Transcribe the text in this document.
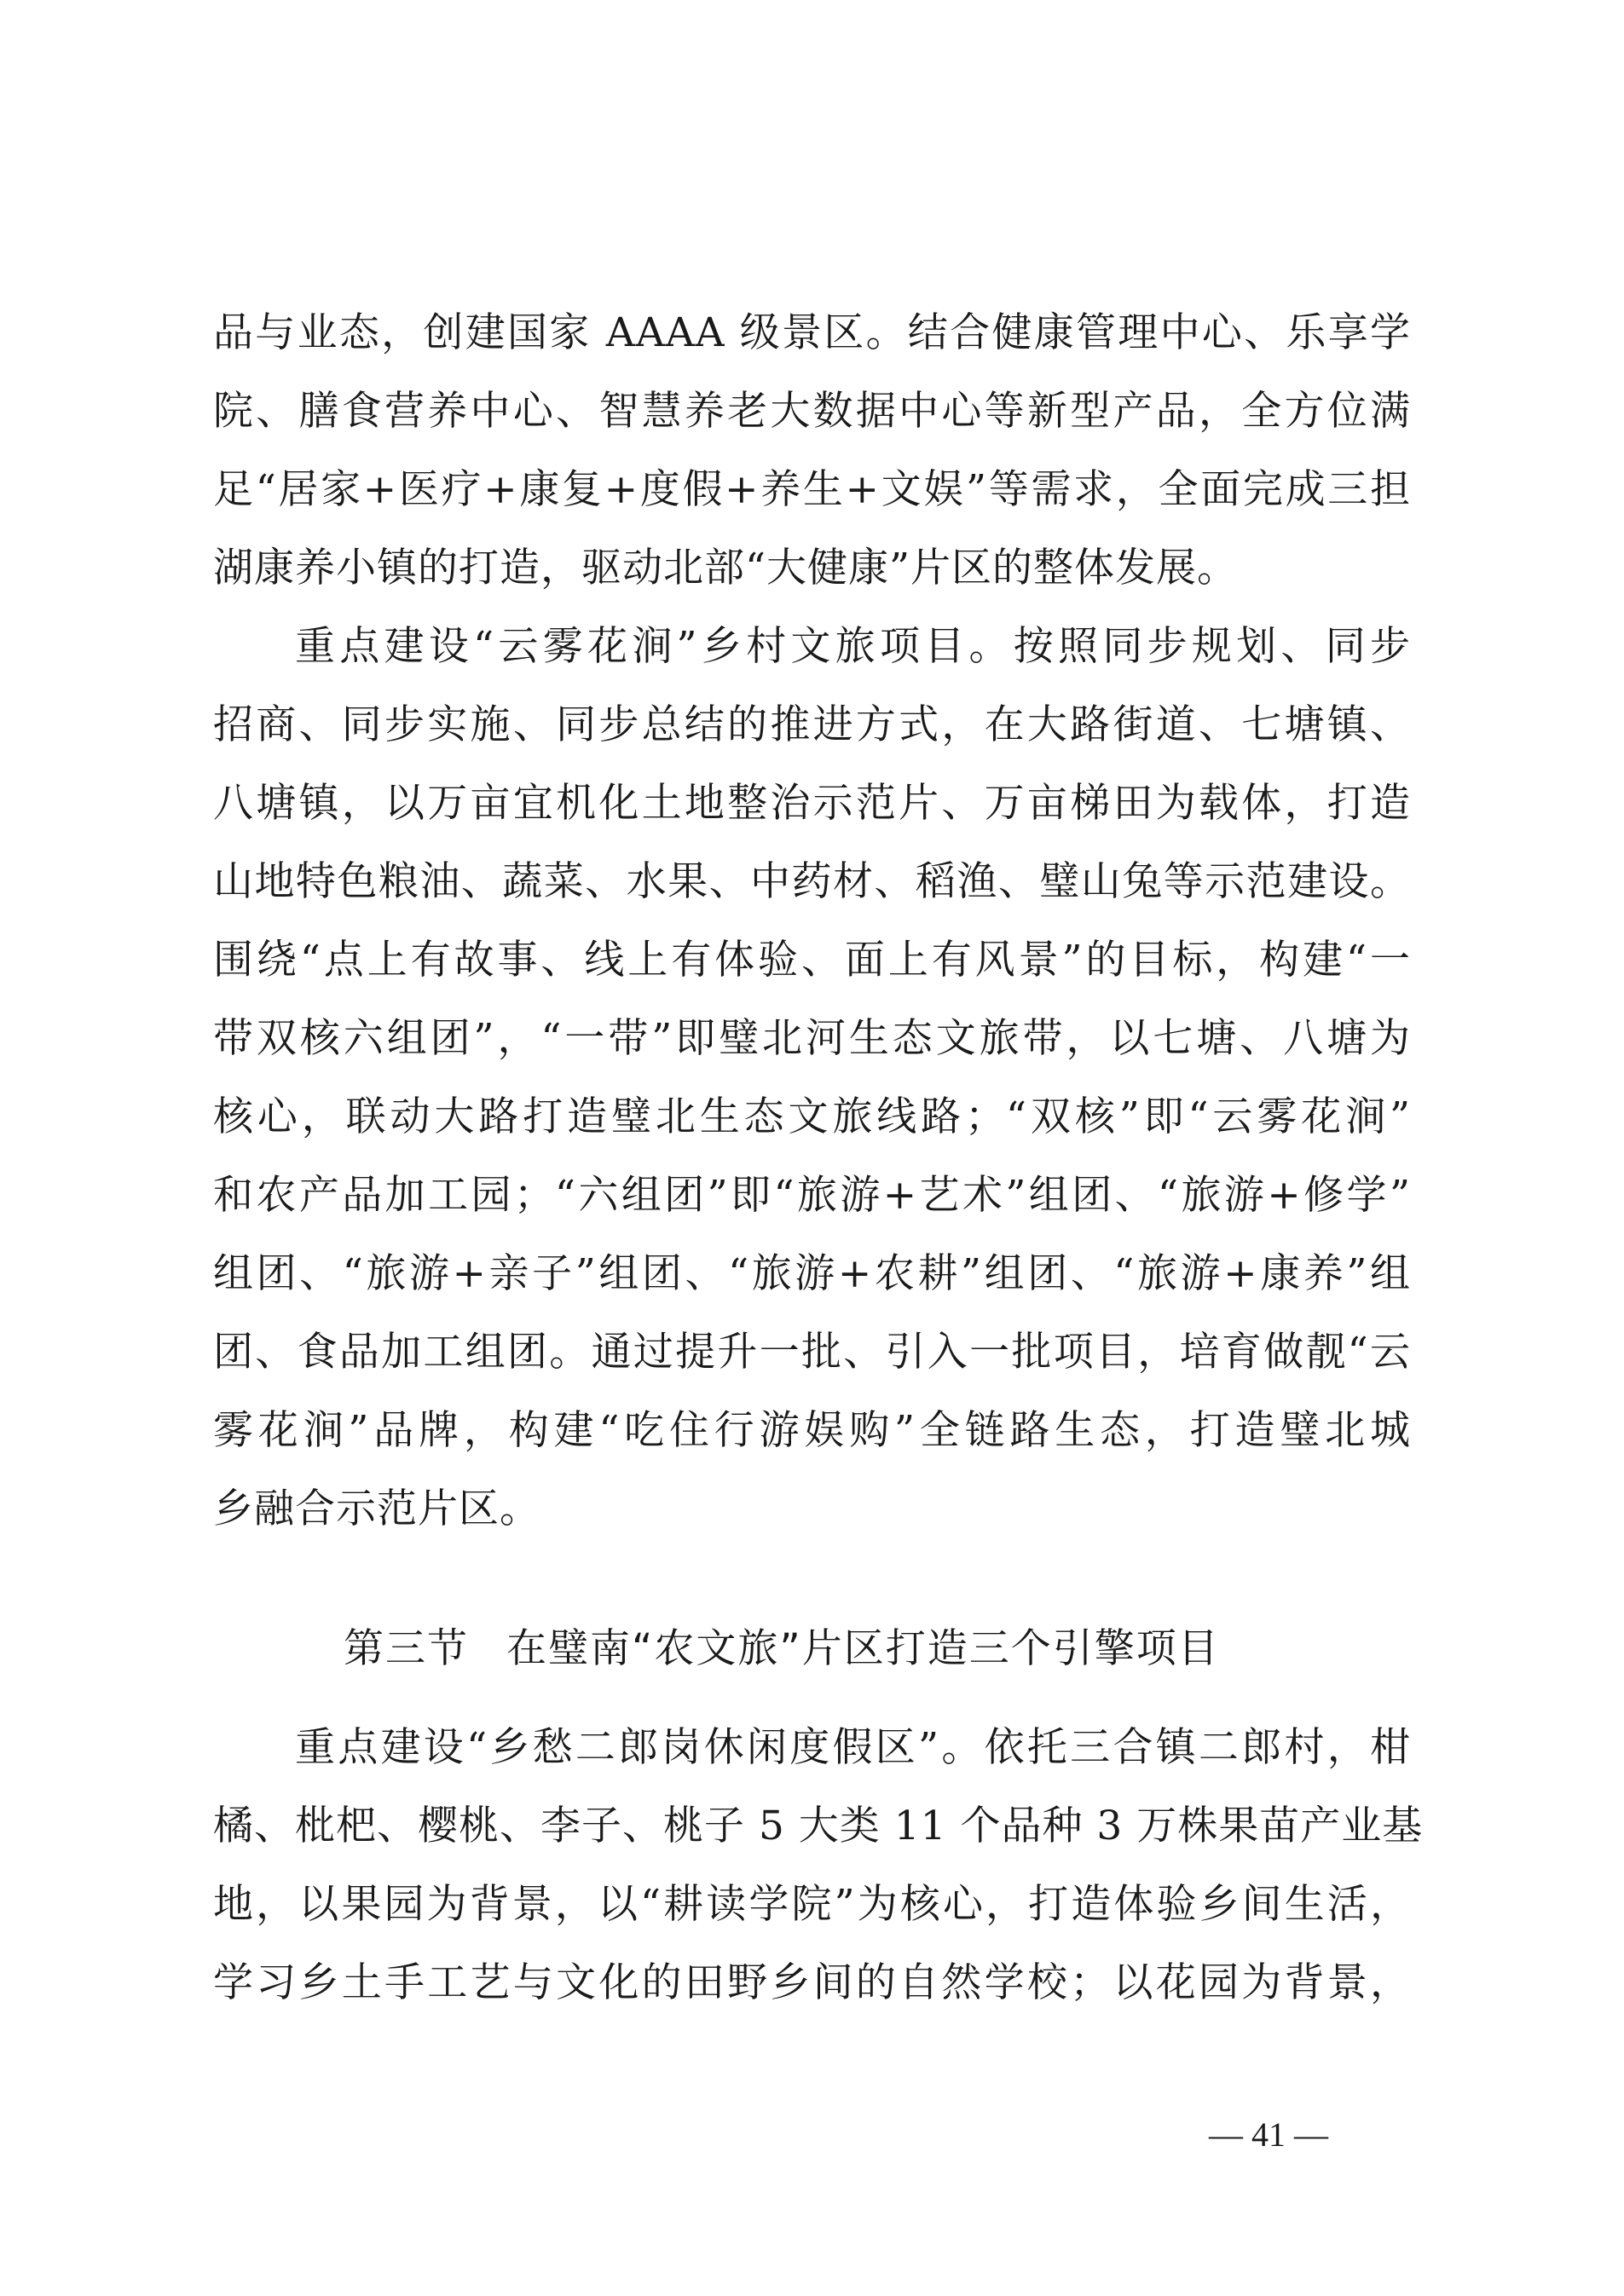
品与业态，创建国家 AAAA 级景区。结合健康管理中心、乐享学
院、膳食营养中心、智慧养老大数据中心等新型产品，全方位满
足“居家+医疗+康复+度假+养生+文娱”等需求，全面完成三担
湖康养小镇的打造，驱动北部“大健康”片区的整体发展。
重点建设“云雾花涧”乡村文旅项目。按照同步规划、同步
招商、同步实施、同步总结的推进方式，在大路街道、七塘镇、
八塘镇，以万亩宜机化土地整治示范片、万亩梯田为载体，打造
山地特色粮油、蔬菜、水果、中药材、稻渔、璧山兔等示范建设。
围绕“点上有故事、线上有体验、面上有风景”的目标，构建“一
带双核六组团”，“一带”即璧北河生态文旅带，以七塘、八塘为
核心，联动大路打造璧北生态文旅线路；“双核”即“云雾花涧”
和农产品加工园；“六组团”即“旅游+艺术”组团、“旅游+修学”
组团、“旅游+亲子”组团、“旅游+农耕”组团、“旅游+康养”组
团、食品加工组团。通过提升一批、引入一批项目，培育做靓“云
雾花涧”品牌，构建“吃住行游娱购”全链路生态，打造璧北城
乡融合示范片区。
第三节 在璧南“农文旅”片区打造三个引擎项目
重点建设“乡愁二郎岗休闲度假区”。依托三合镇二郎村，柑
橘、枇杷、樱桃、李子、桃子 5 大类 11 个品种 3 万株果苗产业基
地，以果园为背景，以“耕读学院”为核心，打造体验乡间生活，
学习乡土手工艺与文化的田野乡间的自然学校；以花园为背景，
— 41 —
